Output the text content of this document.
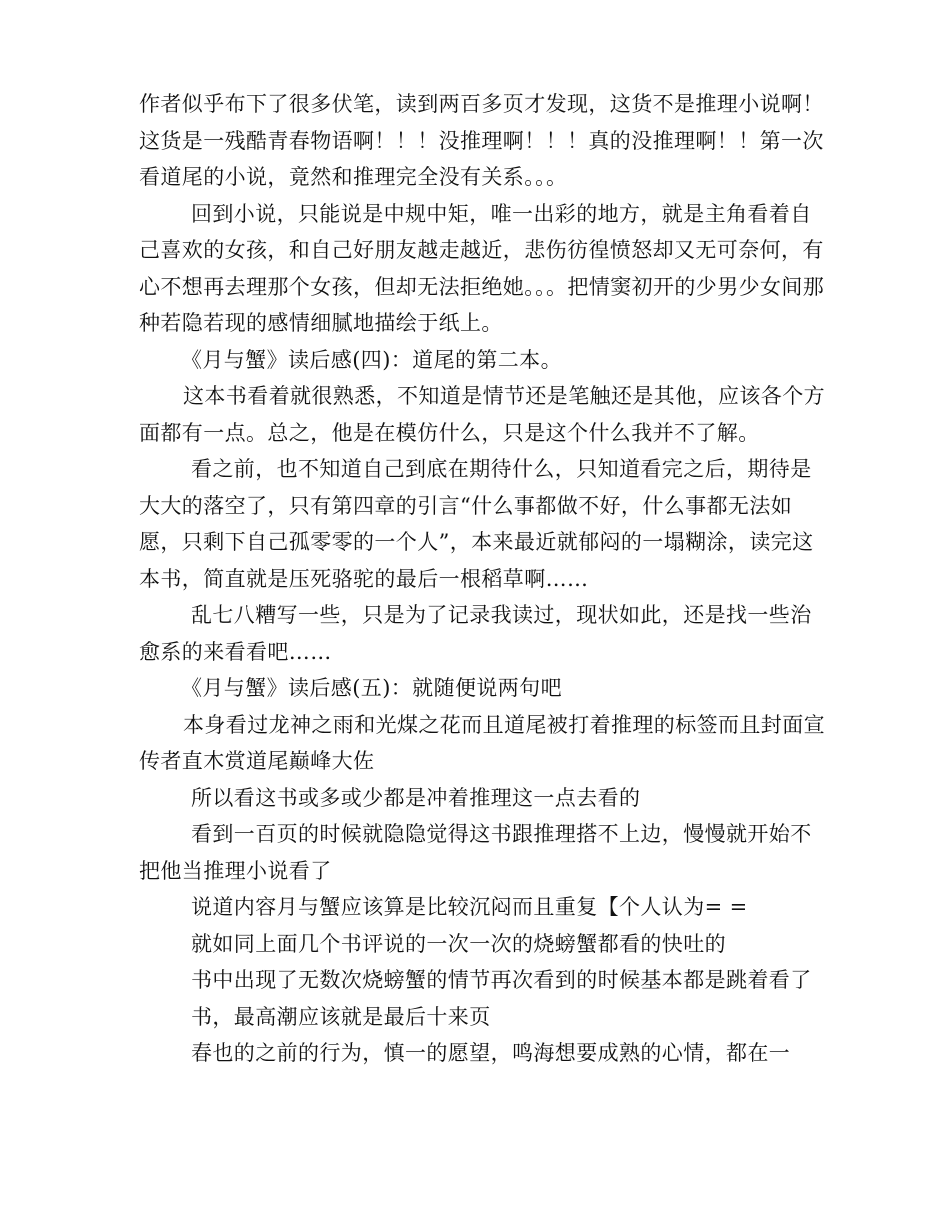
作者似乎布下了很多伏笔，读到两百多页才发现，这货不是推理小说啊！这货是一残酷青春物语啊！！！没推理啊！！！真的没推理啊！！第一次看道尾的小说，竟然和推理完全没有关系。。。

回到小说，只能说是中规中矩，唯一出彩的地方，就是主角看着自己喜欢的女孩，和自己好朋友越走越近，悲伤彷徨愤怒却又无可奈何，有心不想再去理那个女孩，但却无法拒绝她。。。把情窦初开的少男少女间那种若隐若现的感情细腻地描绘于纸上。

《月与蟹》读后感(四)：道尾的第二本。

这本书看着就很熟悉，不知道是情节还是笔触还是其他，应该各个方面都有一点。总之，他是在模仿什么，只是这个什么我并不了解。

看之前，也不知道自己到底在期待什么，只知道看完之后，期待是大大的落空了，只有第四章的引言“什么事都做不好，什么事都无法如愿，只剩下自己孤零零的一个人”，本来最近就郁闷的一塌糊涂，读完这本书，简直就是压死骆驼的最后一根稻草啊……

乱七八糟写一些，只是为了记录我读过，现状如此，还是找一些治愈系的来看看吧……

《月与蟹》读后感(五)：就随便说两句吧

本身看过龙神之雨和光煤之花而且道尾被打着推理的标签而且封面宣传者直木赏道尾巅峰大佐

所以看这书或多或少都是冲着推理这一点去看的

看到一百页的时候就隐隐觉得这书跟推理搭不上边，慢慢就开始不把他当推理小说看了

说道内容月与蟹应该算是比较沉闷而且重复【个人认为= =

就如同上面几个书评说的一次一次的烧螃蟹都看的快吐的

书中出现了无数次烧螃蟹的情节再次看到的时候基本都是跳着看了

书，最高潮应该就是最后十来页

春也的之前的行为，慎一的愿望，鸣海想要成熟的心情，都在一
